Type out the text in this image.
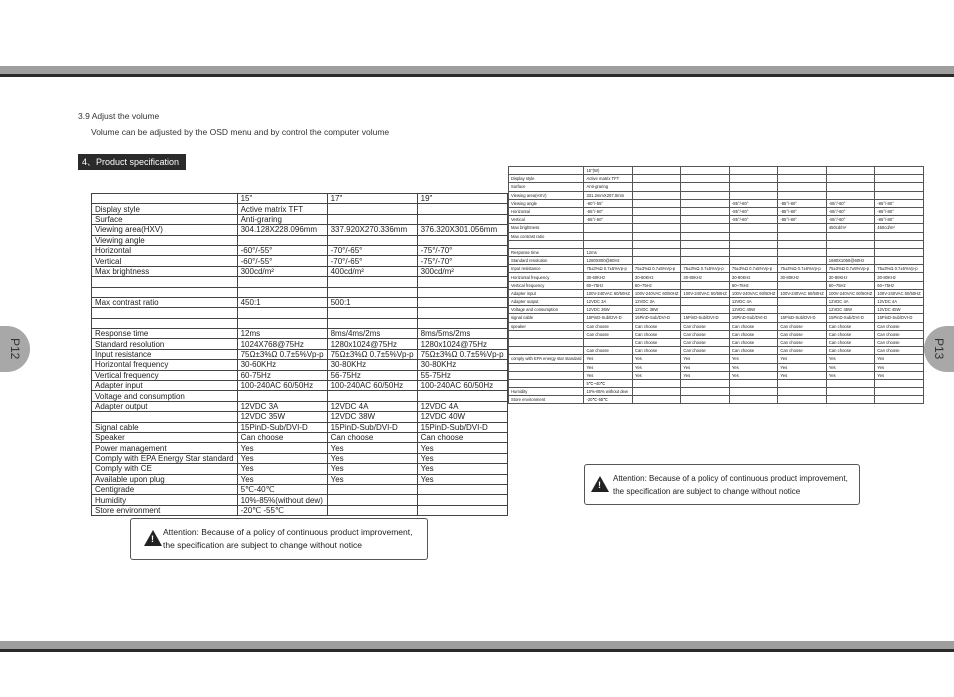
P12	P13
3.9 Adjust the volume
Volume can be adjusted by the OSD menu and by control the computer volume
4、Product specification
	15"	17"	19"
Display style	Active matrix TFT		
Surface	Anti-graring		
Viewing area(HXV)	304.128X228.096mm	337.920X270.336mm	376.320X301.056mm
Viewing angle			
Horizontal	-60°/-55°	-70°/-65°	-75°/-70°
Vertical	-60°/-55°	-70°/-65°	-75°/-70°
Max brightness	300cd/m²	400cd/m²	300cd/m²

Max contrast ratio	450:1	500:1	

Response time	12ms	8ms/4ms/2ms	8ms/5ms/2ms
Standard resolution	1024X768@75Hz	1280x1024@75Hz	1280x1024@75Hz
Input resistance	75Ω±3%Ω 0.7±5%Vp-p	75Ω±3%Ω 0.7±5%Vp-p	75Ω±3%Ω 0.7±5%Vp-p
Horizontal frequency	30-60KHz	30-80KHz	30-80KHz
Vertical frequency	60-75Hz	56-75Hz	55-75Hz
Adapter input	100-240AC 60/50Hz	100-240AC 60/50Hz	100-240AC 60/50Hz
Voltage and consumption			
Adapter output	12VDC 3A	12VDC 4A	12VDC 4A
	12VDC 35W	12VDC 38W	12VDC 40W
Signal cable	15PinD-Sub/DVI-D	15PinD-Sub/DVI-D	15PinD-Sub/DVI-D
Speaker	Can choose	Can choose	Can choose
Power management	Yes	Yes	Yes
Comply with EPA Energy Star standard	Yes	Yes	Yes
Comply with CE	Yes	Yes	Yes
Available upon plug	Yes	Yes	Yes
Centigrade	5℃-40℃		
Humidity	10%-85%(without dew)		
Store environment	-20℃ -55℃		
	15"(W)						
Display style	Active matrix TFT						
Surface	Anti-graring						
Viewing area(HXV)	331.2mmX207.0mm						
Viewing angle	-60°/-55°			-85°/-80°	-85°/-80°	-85°/-80°	-85°/-80°
Horizontal	-55°/-50°			-85°/-80°	-85°/-80°	-85°/-80°	-85°/-80°
Vertical	-55°/-50°			-85°/-80°	-85°/-80°	-85°/-80°	-85°/-80°
Max brightness						450cd/m²	450cd/m²
Max contrast ratio							

Response time	12ms						
Standard resolution	1280X800@60Hz					1680X1050@60Hz	
Input resistance	75±3%Ω 0.7±5%Vp-p	75±3%Ω 0.7±5%Vp-p	75±3%Ω 0.7±5%Vp-p	75±3%Ω 0.7±5%Vp-p	75±3%Ω 0.7±5%Vp-p	75±3%Ω 0.7±5%Vp-p	75±3%Ω 0.7±5%Vp-p
Horizontal frequency	30-60KHz	30-60KHz	30-80KHz	30-80KHz	30-80KHz	30-80KHz	30-80KHz
Vertical frequency	60~75Hz	60~75Hz		60~75Hz		60~75Hz	60~75Hz
Adapter input	100V-240VAC 60/50HZ	100V-240VAC 60/50HZ	100V-240VAC 60/50HZ	100V-240VAC 60/50HZ	100V-240VAC 60/50HZ	100V-240VAC 60/50HZ	100V-240VAC 60/50HZ
Adapter output	12VDC 3A	12VDC 3A		12VDC 4A		12VDC 4A	12VDC 4A
Voltage and consumption	12VDC 36W	12VDC 36W		12VDC 45W		12VDC 45W	12VDC 45W
signal cable	15PinD-Sub/DVI-D	15PinD-Sub/DVI-D	15PinD-Sub/DVI-D	15PinD-Sub/DVI-D	15PinD-Sub/DVI-D	15PinD-Sub/DVI-D	15PinD-Sub/DVI-D
speaker	Can choose	Can choose	Can choose	Can choose	Can choose	Can choose	Can choose
	Can choose	Can choose	Can choose	Can choose	Can choose	Can choose	Can choose
		Can choose	Can choose	Can choose	Can choose	Can choose	Can choose
	Can choose	Can choose	Can choose	Can choose	Can choose	Can choose	Can choose
comply with EPA energy star standard	Yes	Yes	Yes	Yes	Yes	Yes	Yes
	Yes	Yes	Yes	Yes	Yes	Yes	Yes
	Yes	Yes	Yes	Yes	Yes	Yes	Yes
	5℃~40℃						
Humidity	10%-85% without dew						
Store environment	-20℃-55℃						
!
Attention: Because of a policy of continuous product improvement,
the specification are subject to change without notice
!
Attention: Because of a policy of continuous product improvement,
the specification are subject to change without notice
